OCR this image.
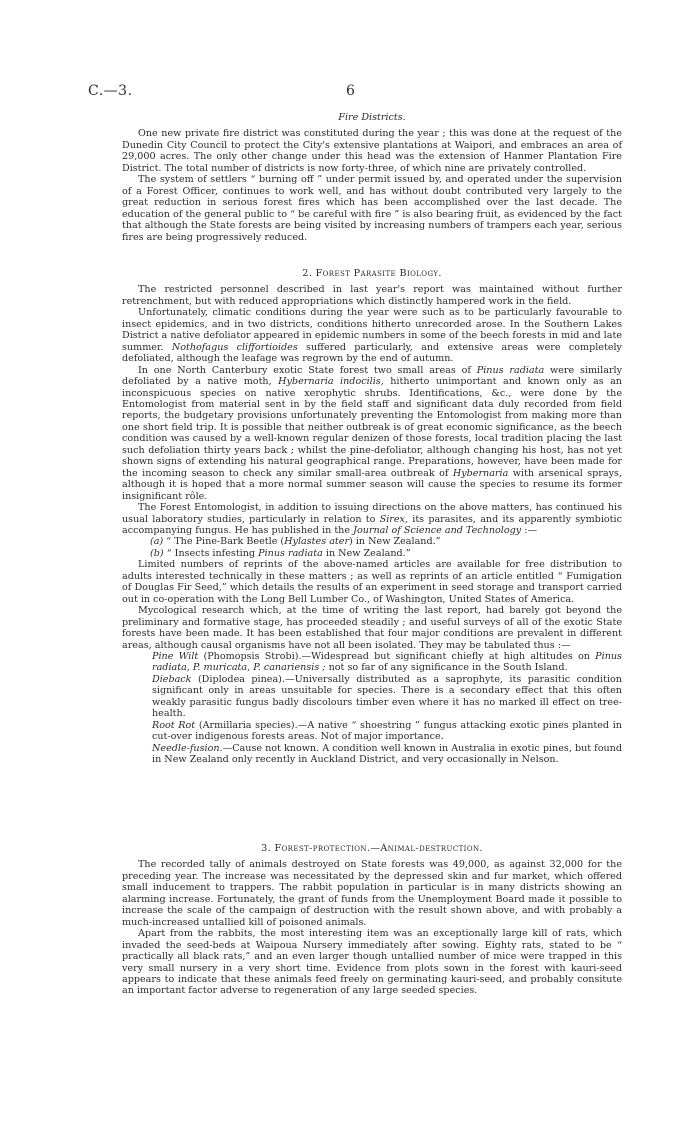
C.—3.	6
Fire Districts.

One new private fire district was constituted during the year ; this was done at the request of the Dunedin City Council to protect the City's extensive plantations at Waipori, and embraces an area of 29,000 acres. The only other change under this head was the extension of Hanmer Plantation Fire District. The total number of districts is now forty-three, of which nine are privately controlled.

The system of settlers “ burning off ” under permit issued by, and operated under the supervision of a Forest Officer, continues to work well, and has without doubt contributed very largely to the great reduction in serious forest fires which has been accomplished over the last decade. The education of the general public to “ be careful with fire ” is also bearing fruit, as evidenced by the fact that although the State forests are being visited by increasing numbers of trampers each year, serious fires are being progressively reduced.

2. Forest Parasite Biology.

The restricted personnel described in last year's report was maintained without further retrenchment, but with reduced appropriations which distinctly hampered work in the field.

Unfortunately, climatic conditions during the year were such as to be particularly favourable to insect epidemics, and in two districts, conditions hitherto unrecorded arose. In the Southern Lakes District a native defoliator appeared in epidemic numbers in some of the beech forests in mid and late summer. Nothofagus cliffortioides suffered particularly, and extensive areas were completely defoliated, although the leafage was regrown by the end of autumn.

In one North Canterbury exotic State forest two small areas of Pinus radiata were similarly defoliated by a native moth, Hybernaria indocilis, hitherto unimportant and known only as an inconspicuous species on native xerophytic shrubs. Identifications, &c., were done by the Entomologist from material sent in by the field staff and significant data duly recorded from field reports, the budgetary provisions unfortunately preventing the Entomologist from making more than one short field trip. It is possible that neither outbreak is of great economic significance, as the beech condition was caused by a well-known regular denizen of those forests, local tradition placing the last such defoliation thirty years back ; whilst the pine-defoliator, although changing his host, has not yet shown signs of extending his natural geographical range. Preparations, however, have been made for the incoming season to check any similar small-area outbreak of Hybernaria with arsenical sprays, although it is hoped that a more normal summer season will cause the species to resume its former insignificant rôle.

The Forest Entomologist, in addition to issuing directions on the above matters, has continued his usual laboratory studies, particularly in relation to Sirex, its parasites, and its apparently symbiotic accompanying fungus. He has published in the Journal of Science and Technology :—

(a) “ The Pine-Bark Beetle (Hylastes ater) in New Zealand.”

(b) “ Insects infesting Pinus radiata in New Zealand.”

Limited numbers of reprints of the above-named articles are available for free distribution to adults interested technically in these matters ; as well as reprints of an article entitled “ Fumigation of Douglas Fir Seed,” which details the results of an experiment in seed storage and transport carried out in co-operation with the Long Bell Lumber Co., of Washington, United States of America.

Mycological research which, at the time of writing the last report, had barely got beyond the preliminary and formative stage, has proceeded steadily ; and useful surveys of all of the exotic State forests have been made. It has been established that four major conditions are prevalent in different areas, although causal organisms have not all been isolated. They may be tabulated thus :—

Pine Wilt (Phomopsis Strobi).—Widespread but significant chiefly at high altitudes on Pinus radiata, P. muricata, P. canariensis ; not so far of any significance in the South Island.

Dieback (Diplodea pinea).—Universally distributed as a saprophyte, its parasitic condition significant only in areas unsuitable for species. There is a secondary effect that this often weakly parasitic fungus badly discolours timber even where it has no marked ill effect on tree-health.

Root Rot (Armillaria species).—A native “ shoestring ” fungus attacking exotic pines planted in cut-over indigenous forests areas. Not of major importance.

Needle-fusion.—Cause not known. A condition well known in Australia in exotic pines, but found in New Zealand only recently in Auckland District, and very occasionally in Nelson.

3. Forest-protection.—Animal-destruction.

The recorded tally of animals destroyed on State forests was 49,000, as against 32,000 for the preceding year. The increase was necessitated by the depressed skin and fur market, which offered small inducement to trappers. The rabbit population in particular is in many districts showing an alarming increase. Fortunately, the grant of funds from the Unemployment Board made it possible to increase the scale of the campaign of destruction with the result shown above, and with probably a much-increased untallied kill of poisoned animals.

Apart from the rabbits, the most interesting item was an exceptionally large kill of rats, which invaded the seed-beds at Waipoua Nursery immediately after sowing. Eighty rats, stated to be “ practically all black rats,” and an even larger though untallied number of mice were trapped in this very small nursery in a very short time. Evidence from plots sown in the forest with kauri-seed appears to indicate that these animals feed freely on germinating kauri-seed, and probably consitute an important factor adverse to regeneration of any large seeded species.
